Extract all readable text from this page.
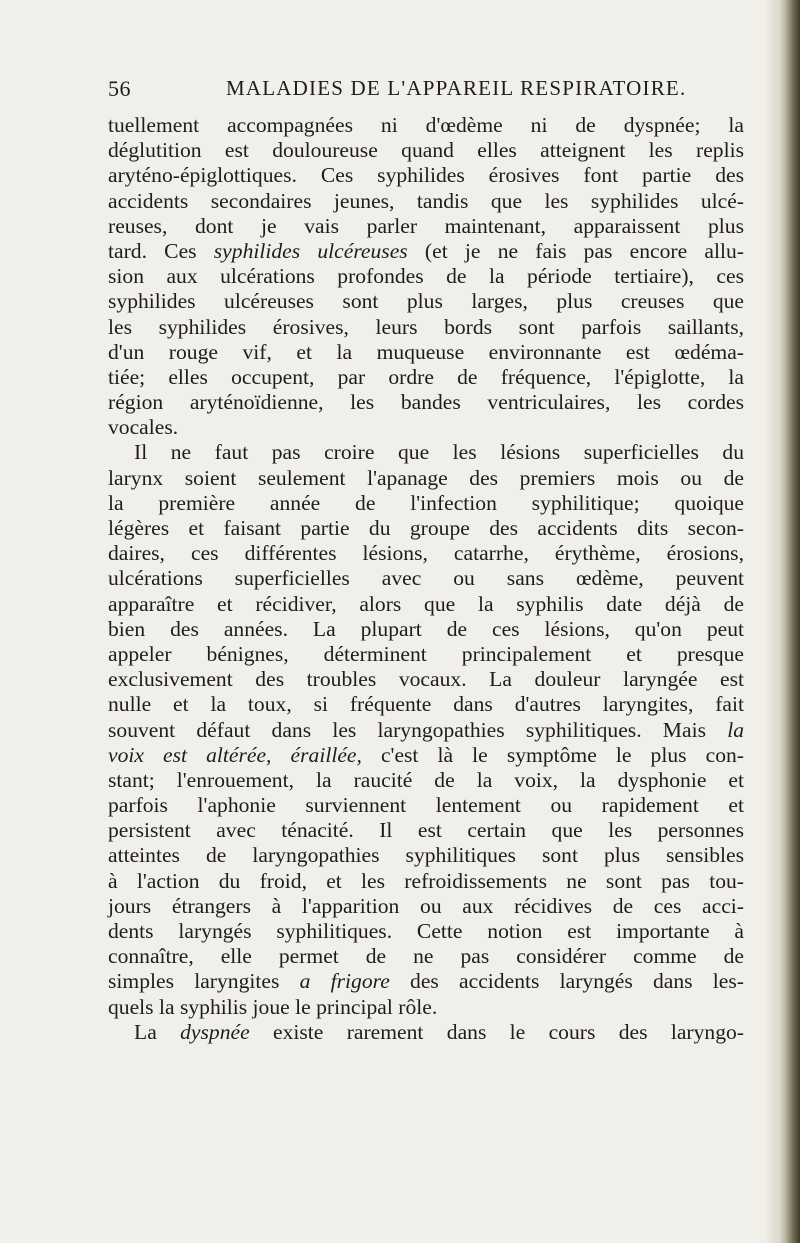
56	MALADIES DE L'APPAREIL RESPIRATOIRE.
tuellement accompagnées ni d'œdème ni de dyspnée; la
déglutition est douloureuse quand elles atteignent les replis
aryténo-épiglottiques. Ces syphilides érosives font partie des
accidents secondaires jeunes, tandis que les syphilides ulcé-
reuses, dont je vais parler maintenant, apparaissent plus
tard. Ces syphilides ulcéreuses (et je ne fais pas encore allu-
sion aux ulcérations profondes de la période tertiaire), ces
syphilides ulcéreuses sont plus larges, plus creuses que
les syphilides érosives, leurs bords sont parfois saillants,
d'un rouge vif, et la muqueuse environnante est œdéma-
tiée; elles occupent, par ordre de fréquence, l'épiglotte, la
région aryténoïdienne, les bandes ventriculaires, les cordes
vocales.
Il ne faut pas croire que les lésions superficielles du
larynx soient seulement l'apanage des premiers mois ou de
la première année de l'infection syphilitique; quoique
légères et faisant partie du groupe des accidents dits secon-
daires, ces différentes lésions, catarrhe, érythème, érosions,
ulcérations superficielles avec ou sans œdème, peuvent
apparaître et récidiver, alors que la syphilis date déjà de
bien des années. La plupart de ces lésions, qu'on peut
appeler bénignes, déterminent principalement et presque
exclusivement des troubles vocaux. La douleur laryngée est
nulle et la toux, si fréquente dans d'autres laryngites, fait
souvent défaut dans les laryngopathies syphilitiques. Mais la
voix est altérée, éraillée, c'est là le symptôme le plus con-
stant; l'enrouement, la raucité de la voix, la dysphonie et
parfois l'aphonie surviennent lentement ou rapidement et
persistent avec ténacité. Il est certain que les personnes
atteintes de laryngopathies syphilitiques sont plus sensibles
à l'action du froid, et les refroidissements ne sont pas tou-
jours étrangers à l'apparition ou aux récidives de ces acci-
dents laryngés syphilitiques. Cette notion est importante à
connaître, elle permet de ne pas considérer comme de
simples laryngites a frigore des accidents laryngés dans les-
quels la syphilis joue le principal rôle.
La dyspnée existe rarement dans le cours des laryngo-
